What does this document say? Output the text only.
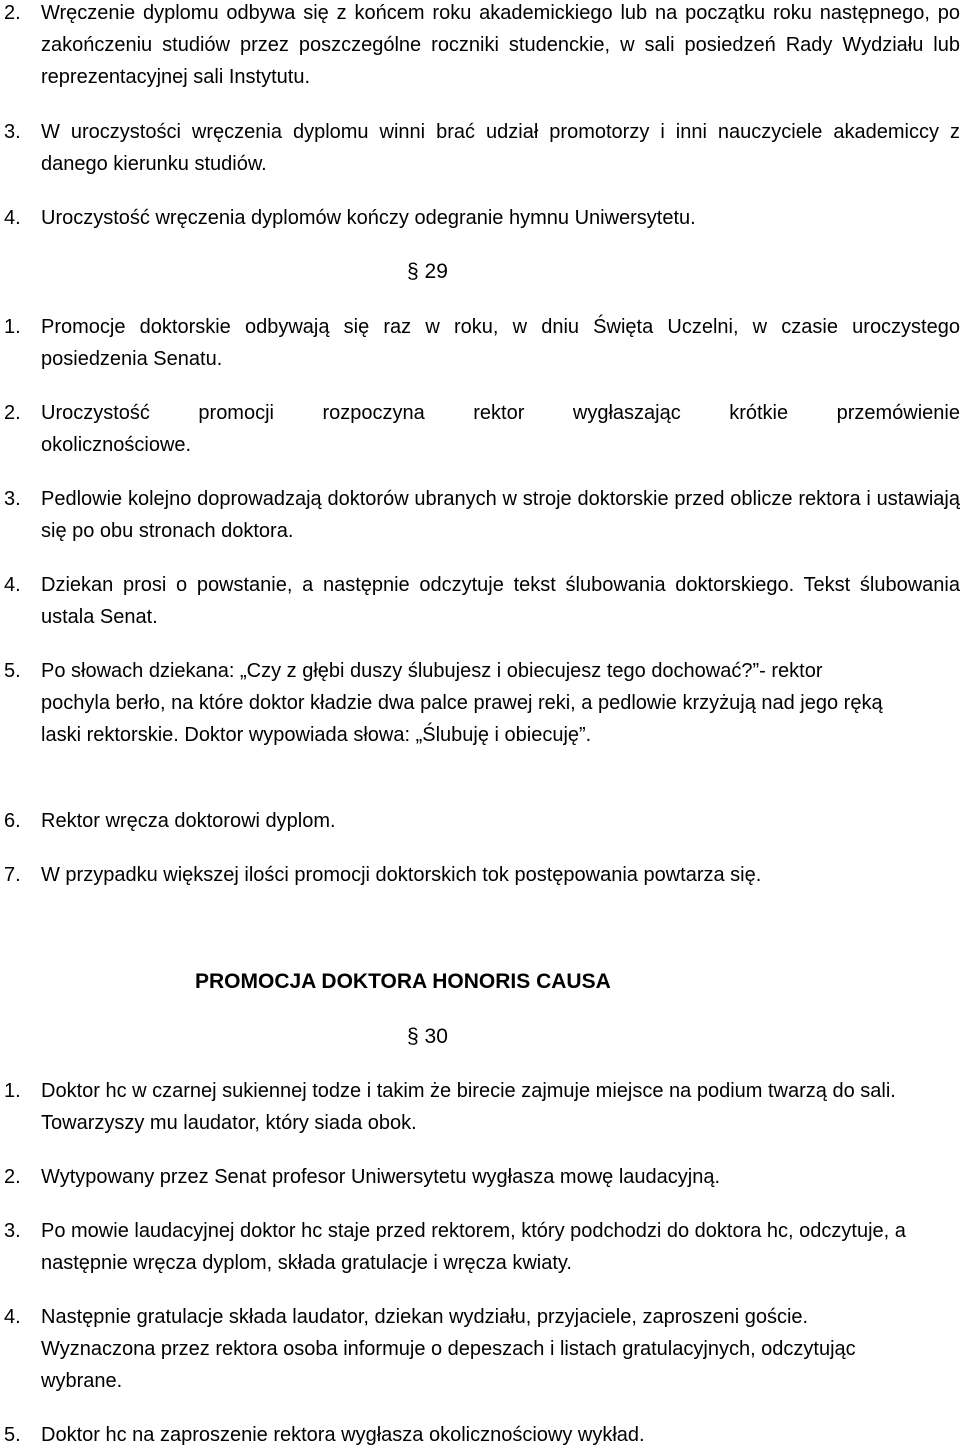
2.	Wręczenie dyplomu odbywa się z końcem roku akademickiego lub na początku roku następnego, po zakończeniu studiów przez poszczególne roczniki studenckie, w sali posiedzeń Rady Wydziału lub reprezentacyjnej sali Instytutu.
3.	W uroczystości wręczenia dyplomu winni brać udział promotorzy i inni nauczyciele akademiccy z danego kierunku studiów.
4.	Uroczystość wręczenia dyplomów kończy odegranie hymnu Uniwersytetu.
§ 29
1.	Promocje doktorskie odbywają się raz w roku, w dniu Święta Uczelni, w czasie uroczystego posiedzenia Senatu.
2.	Uroczystość promocji rozpoczyna rektor wygłaszając krótkie przemówienie okolicznościowe.
3.	Pedlowie kolejno doprowadzają doktorów ubranych w stroje doktorskie przed oblicze rektora i ustawiają się po obu stronach doktora.
4.	Dziekan prosi o powstanie, a następnie odczytuje tekst ślubowania doktorskiego. Tekst ślubowania ustala Senat.
5.	Po słowach dziekana: „Czy z głębi duszy ślubujesz i obiecujesz tego dochować?”- rektor pochyla berło, na które doktor kładzie dwa palce prawej reki, a pedlowie krzyżują nad jego ręką laski rektorskie. Doktor wypowiada słowa: „Ślubuję i obiecuję”.
6.	Rektor wręcza doktorowi dyplom.
7.	W przypadku większej ilości promocji doktorskich tok postępowania powtarza się.
PROMOCJA DOKTORA HONORIS CAUSA
§ 30
1.	Doktor hc w czarnej sukiennej todze i takim że birecie zajmuje miejsce na podium twarzą do sali. Towarzyszy mu laudator, który siada obok.
2.	Wytypowany przez Senat profesor Uniwersytetu wygłasza mowę laudacyjną.
3.	Po mowie laudacyjnej doktor hc staje przed rektorem, który podchodzi do doktora hc, odczytuje, a następnie wręcza dyplom, składa gratulacje i wręcza kwiaty.
4.	Następnie gratulacje składa laudator, dziekan wydziału, przyjaciele, zaproszeni goście. Wyznaczona przez rektora osoba informuje o depeszach i listach gratulacyjnych, odczytując wybrane.
5.	Doktor hc na zaproszenie rektora wygłasza okolicznościowy wykład.
